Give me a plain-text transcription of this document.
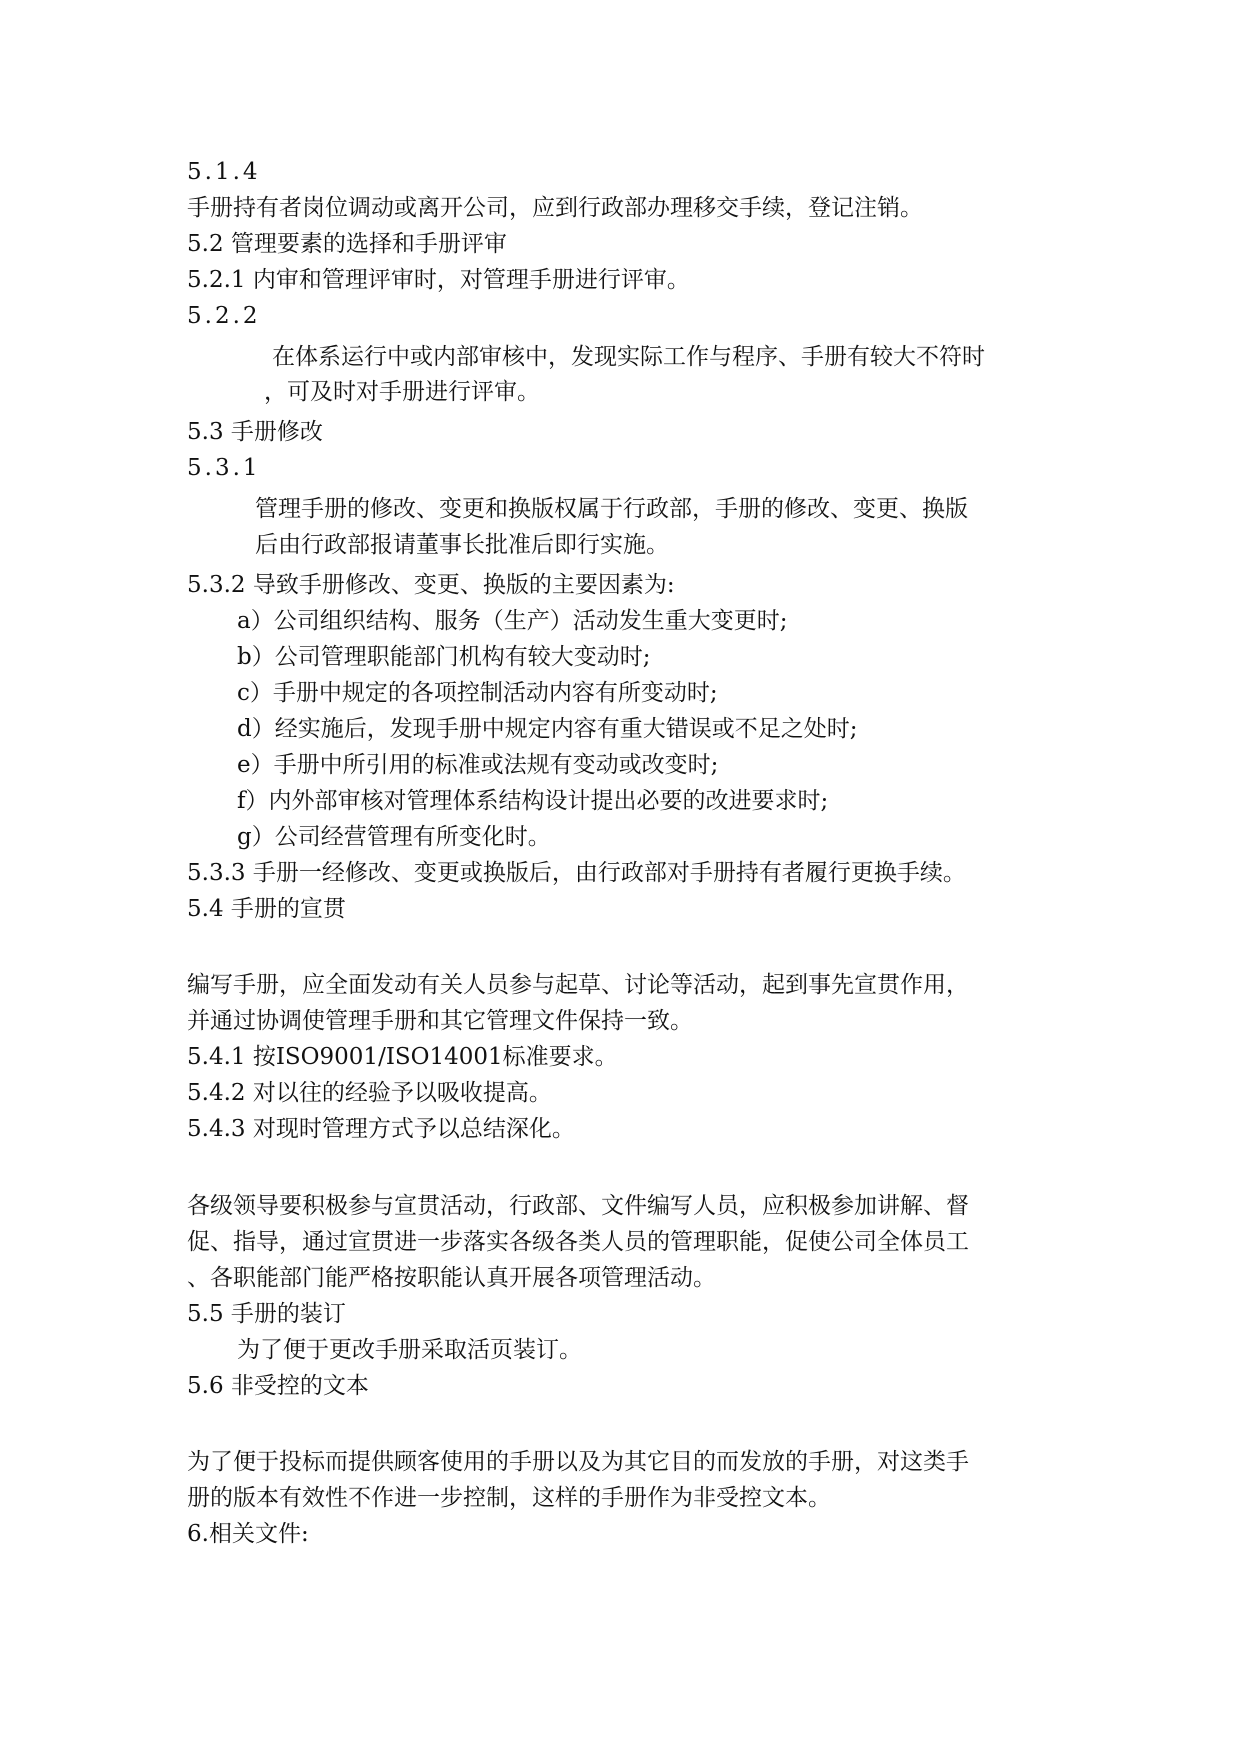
5.1.4
手册持有者岗位调动或离开公司，应到行政部办理移交手续，登记注销。
5.2 管理要素的选择和手册评审
5.2.1 内审和管理评审时，对管理手册进行评审。
5.2.2
在体系运行中或内部审核中，发现实际工作与程序、手册有较大不符时
，可及时对手册进行评审。
5.3 手册修改
5.3.1
管理手册的修改、变更和换版权属于行政部，手册的修改、变更、换版
后由行政部报请董事长批准后即行实施。
5.3.2 导致手册修改、变更、换版的主要因素为:
a）公司组织结构、服务（生产）活动发生重大变更时;
b）公司管理职能部门机构有较大变动时;
c）手册中规定的各项控制活动内容有所变动时;
d）经实施后，发现手册中规定内容有重大错误或不足之处时;
e）手册中所引用的标准或法规有变动或改变时;
f）内外部审核对管理体系结构设计提出必要的改进要求时;
g）公司经营管理有所变化时。
5.3.3 手册一经修改、变更或换版后，由行政部对手册持有者履行更换手续。
5.4 手册的宣贯
编写手册，应全面发动有关人员参与起草、讨论等活动，起到事先宣贯作用，
并通过协调使管理手册和其它管理文件保持一致。
5.4.1 按ISO9001/ISO14001标准要求。
5.4.2 对以往的经验予以吸收提高。
5.4.3 对现时管理方式予以总结深化。
各级领导要积极参与宣贯活动，行政部、文件编写人员，应积极参加讲解、督
促、指导，通过宣贯进一步落实各级各类人员的管理职能，促使公司全体员工
、各职能部门能严格按职能认真开展各项管理活动。
5.5 手册的装订
为了便于更改手册采取活页装订。
5.6 非受控的文本
为了便于投标而提供顾客使用的手册以及为其它目的而发放的手册，对这类手
册的版本有效性不作进一步控制，这样的手册作为非受控文本。
6.相关文件:
